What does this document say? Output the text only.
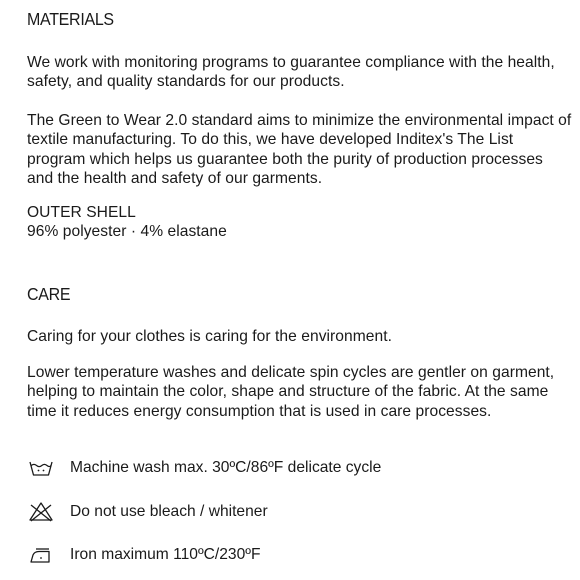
MATERIALS

We work with monitoring programs to guarantee compliance with the health, safety, and quality standards for our products.

The Green to Wear 2.0 standard aims to minimize the environmental impact of textile manufacturing. To do this, we have developed Inditex's The List program which helps us guarantee both the purity of production processes and the health and safety of our garments.

OUTER SHELL

96% polyester · 4% elastane

CARE

Caring for your clothes is caring for the environment.

Lower temperature washes and delicate spin cycles are gentler on garment, helping to maintain the color, shape and structure of the fabric. At the same time it reduces energy consumption that is used in care processes.

Machine wash max. 30ºC/86ºF delicate cycle
Do not use bleach / whitener
Iron maximum 110ºC/230ºF
